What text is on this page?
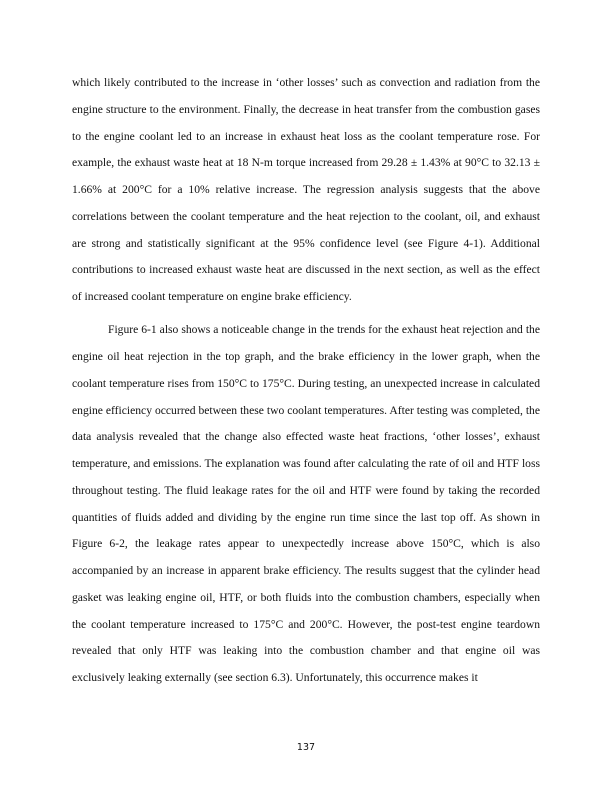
which likely contributed to the increase in ‘other losses’ such as convection and radiation from the engine structure to the environment. Finally, the decrease in heat transfer from the combustion gases to the engine coolant led to an increase in exhaust heat loss as the coolant temperature rose. For example, the exhaust waste heat at 18 N-m torque increased from 29.28 ± 1.43% at 90°C to 32.13 ± 1.66% at 200°C for a 10% relative increase. The regression analysis suggests that the above correlations between the coolant temperature and the heat rejection to the coolant, oil, and exhaust are strong and statistically significant at the 95% confidence level (see Figure 4-1). Additional contributions to increased exhaust waste heat are discussed in the next section, as well as the effect of increased coolant temperature on engine brake efficiency.

Figure 6-1 also shows a noticeable change in the trends for the exhaust heat rejection and the engine oil heat rejection in the top graph, and the brake efficiency in the lower graph, when the coolant temperature rises from 150°C to 175°C. During testing, an unexpected increase in calculated engine efficiency occurred between these two coolant temperatures. After testing was completed, the data analysis revealed that the change also effected waste heat fractions, ‘other losses’, exhaust temperature, and emissions. The explanation was found after calculating the rate of oil and HTF loss throughout testing. The fluid leakage rates for the oil and HTF were found by taking the recorded quantities of fluids added and dividing by the engine run time since the last top off. As shown in Figure 6-2, the leakage rates appear to unexpectedly increase above 150°C, which is also accompanied by an increase in apparent brake efficiency. The results suggest that the cylinder head gasket was leaking engine oil, HTF, or both fluids into the combustion chambers, especially when the coolant temperature increased to 175°C and 200°C. However, the post-test engine teardown revealed that only HTF was leaking into the combustion chamber and that engine oil was exclusively leaking externally (see section 6.3). Unfortunately, this occurrence makes it

137
